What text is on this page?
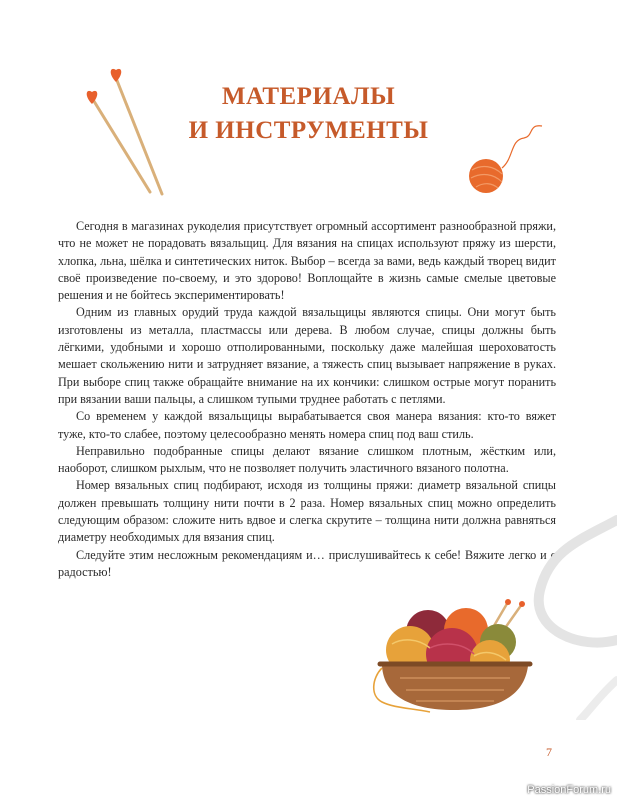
МАТЕРИАЛЫ
И ИНСТРУМЕНТЫ

Сегодня в магазинах рукоделия присутствует огромный ассортимент разнообразной пряжи, что не может не порадовать вязальщиц. Для вязания на спицах используют пряжу из шерсти, хлопка, льна, шёлка и синтетических ниток. Выбор – всегда за вами, ведь каждый творец видит своё произведение по-своему, и это здорово! Воплощайте в жизнь самые смелые цветовые решения и не бойтесь экспериментировать!

Одним из главных орудий труда каждой вязальщицы являются спицы. Они могут быть изготовлены из металла, пластмассы или дерева. В любом случае, спицы должны быть лёгкими, удобными и хорошо отполированными, поскольку даже малейшая шероховатость мешает скольжению нити и затрудняет вязание, а тяжесть спиц вызывает напряжение в руках. При выборе спиц также обращайте внимание на их кончики: слишком острые могут поранить при вязании ваши пальцы, а слишком тупыми труднее работать с петлями.

Со временем у каждой вязальщицы вырабатывается своя манера вязания: кто-то вяжет туже, кто-то слабее, поэтому целесообразно менять номера спиц под ваш стиль.

Неправильно подобранные спицы делают вязание слишком плотным, жёстким или, наоборот, слишком рыхлым, что не позволяет получить эластичного вязаного полотна.

Номер вязальных спиц подбирают, исходя из толщины пряжи: диаметр вязальной спицы должен превышать толщину нити почти в 2 раза. Номер вязальных спиц можно определить следующим образом: сложите нить вдвое и слегка скрутите – толщина нити должна равняться диаметру необходимых для вязания спиц.

Следуйте этим несложным рекомендациям и… прислушивайтесь к себе! Вяжите легко и с радостью!

7
PassionForum.ru
